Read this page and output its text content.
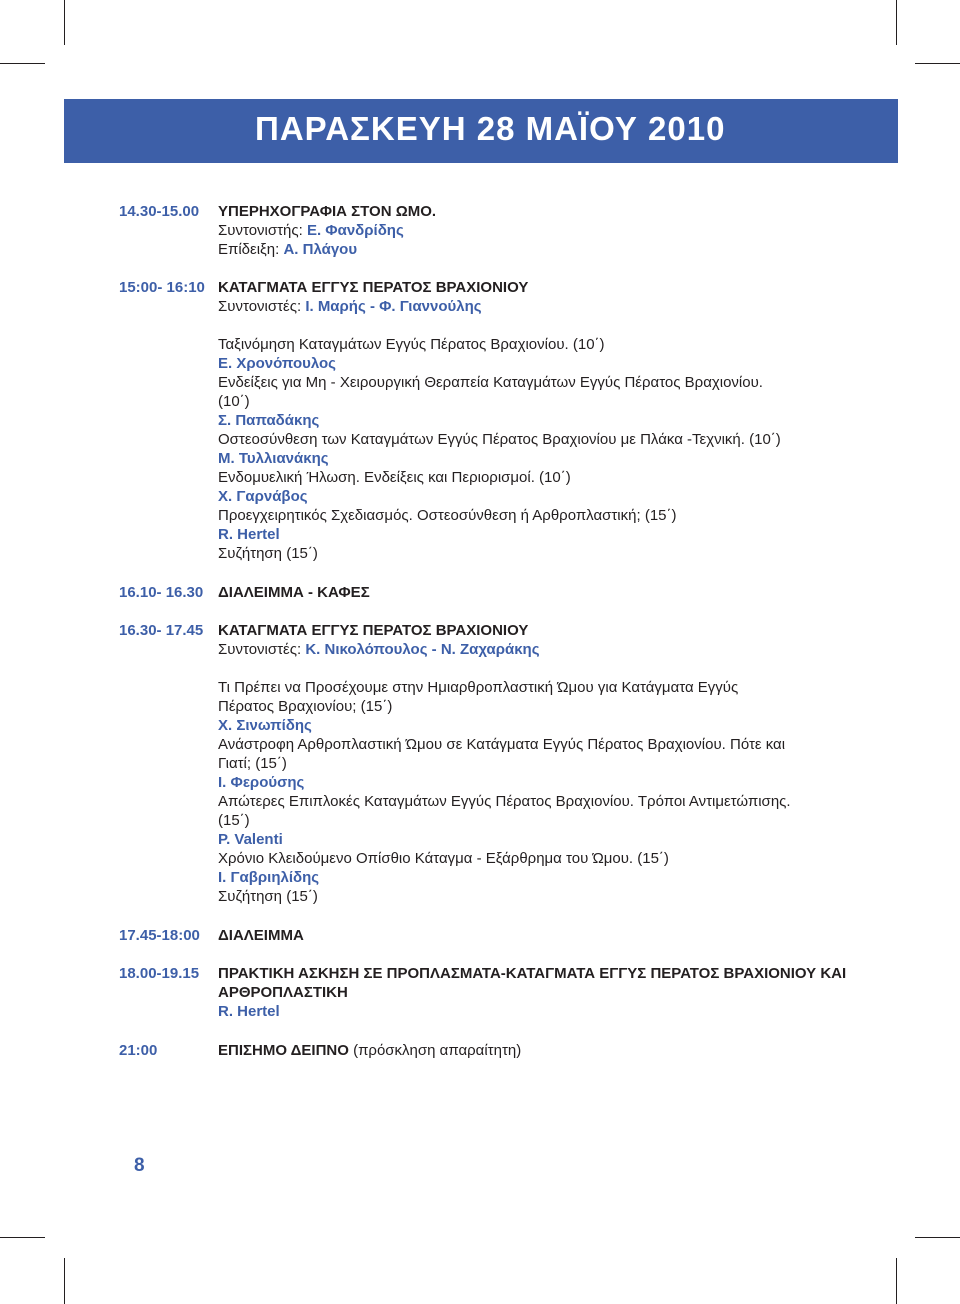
ΠΑΡΑΣΚΕΥΗ 28 ΜΑΪΟΥ 2010
14.30-15.00 ΥΠΕΡΗΧΟΓΡΑΦΙΑ ΣΤΟΝ ΩΜΟ.
Συντονιστής: Ε. Φανδρίδης
Επίδειξη: Α. Πλάγου
15:00- 16:10 ΚΑΤΑΓΜΑΤΑ ΕΓΓΥΣ ΠΕΡΑΤΟΣ ΒΡΑΧΙΟΝΙΟΥ
Συντονιστές: Ι. Μαρής - Φ. Γιαννούλης
Ταξινόμηση Καταγμάτων Εγγύς Πέρατος Βραχιονίου. (10΄)
Ε. Χρονόπουλος
Ενδείξεις για Μη - Χειρουργική Θεραπεία Καταγμάτων Εγγύς Πέρατος Βραχιονίου.
(10΄)
Σ. Παπαδάκης
Οστεοσύνθεση των Καταγμάτων Εγγύς Πέρατος Βραχιονίου με Πλάκα -Τεχνική. (10΄)
Μ. Τυλλιανάκης
Ενδομυελική Ήλωση. Ενδείξεις και Περιορισμοί. (10΄)
Χ. Γαρνάβος
Προεγχειρητικός Σχεδιασμός. Οστεοσύνθεση ή Αρθροπλαστική; (15΄)
R. Hertel
Συζήτηση (15΄)
16.10- 16.30 ΔΙΑΛΕΙΜΜΑ - ΚΑΦΕΣ
16.30- 17.45 ΚΑΤΑΓΜΑΤΑ ΕΓΓΥΣ ΠΕΡΑΤΟΣ ΒΡΑΧΙΟΝΙΟΥ
Συντονιστές: Κ. Νικολόπουλος - Ν. Ζαχαράκης
Τι Πρέπει να Προσέχουμε στην Ημιαρθροπλαστική Ώμου για Κατάγματα Εγγύς
Πέρατος Βραχιονίου; (15΄)
Χ. Σινωπίδης
Ανάστροφη Αρθροπλαστική Ώμου σε Κατάγματα Εγγύς Πέρατος Βραχιονίου. Πότε και
Γιατί; (15΄)
Ι. Φερούσης
Απώτερες Επιπλοκές Καταγμάτων Εγγύς Πέρατος Βραχιονίου. Τρόποι Αντιμετώπισης.
(15΄)
P. Valenti
Χρόνιο Κλειδούμενο Οπίσθιο Κάταγμα - Εξάρθρημα του Ώμου. (15΄)
Ι. Γαβριηλίδης
Συζήτηση (15΄)
17.45-18:00 ΔΙΑΛΕΙΜΜΑ
18.00-19.15 ΠΡΑΚΤΙΚΗ ΑΣΚΗΣΗ ΣΕ ΠΡΟΠΛΑΣΜΑΤΑ-ΚΑΤΑΓΜΑΤΑ ΕΓΓΥΣ ΠΕΡΑΤΟΣ ΒΡΑΧΙΟΝΙΟΥ ΚΑΙ
ΑΡΘΡΟΠΛΑΣΤΙΚΗ
R. Hertel
21:00	ΕΠΙΣΗΜΟ ΔΕΙΠΝΟ (πρόσκληση απαραίτητη)
8
